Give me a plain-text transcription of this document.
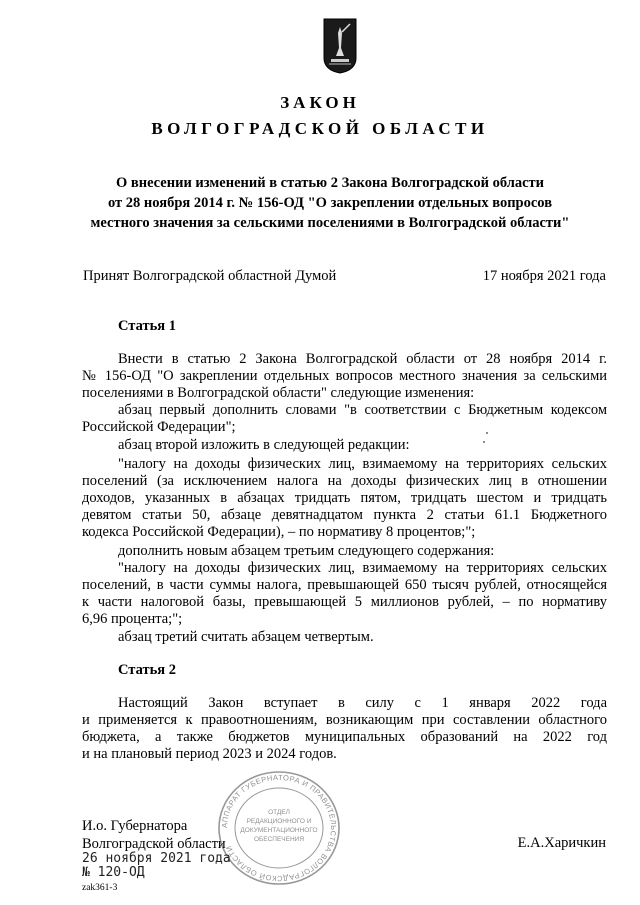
ЗАКОН
ВОЛГОГРАДСКОЙ ОБЛАСТИ
О внесении изменений в статью 2 Закона Волгоградской области
от 28 ноября 2014 г. № 156-ОД "О закреплении отдельных вопросов
местного значения за сельскими поселениями в Волгоградской области"
Принят Волгоградской областной Думой	17 ноября 2021 года
Статья 1
Внести в статью 2 Закона Волгоградской области от 28 ноября 2014 г.
№ 156-ОД "О закреплении отдельных вопросов местного значения за сельскими
поселениями в Волгоградской области" следующие изменения:
абзац первый дополнить словами "в соответствии с Бюджетным кодексом
Российской Федерации";
абзац второй изложить в следующей редакции:
"налогу на доходы физических лиц, взимаемому на территориях сельских
поселений (за исключением налога на доходы физических лиц в отношении
доходов, указанных в абзацах тридцать пятом, тридцать шестом и тридцать
девятом статьи 50, абзаце девятнадцатом пункта 2 статьи 61.1 Бюджетного
кодекса Российской Федерации), – по нормативу 8 процентов;";
дополнить новым абзацем третьим следующего содержания:
"налогу на доходы физических лиц, взимаемому на территориях сельских
поселений, в части суммы налога, превышающей 650 тысяч рублей, относящейся
к части налоговой базы, превышающей 5 миллионов рублей, – по нормативу
6,96 процента;";
абзац третий считать абзацем четвертым.
Статья 2
Настоящий Закон вступает в силу с 1 января 2022 года
и применяется к правоотношениям, возникающим при составлении областного
бюджета, а также бюджетов муниципальных образований на 2022 год
и на плановый период 2023 и 2024 годов.
АППАРАТ ГУБЕРНАТОРА И ПРАВИТЕЛЬСТВА ВОЛГОГРАДСКОЙ ОБЛАСТИ
ОТДЕЛ
РЕДАКЦИОННОГО И
ДОКУМЕНТАЦИОННОГО
ОБЕСПЕЧЕНИЯ
И.о. Губернатора
Волгоградской области	Е.А.Харичкин
26 ноября 2021 года
№ 120-ОД
zak361-3
